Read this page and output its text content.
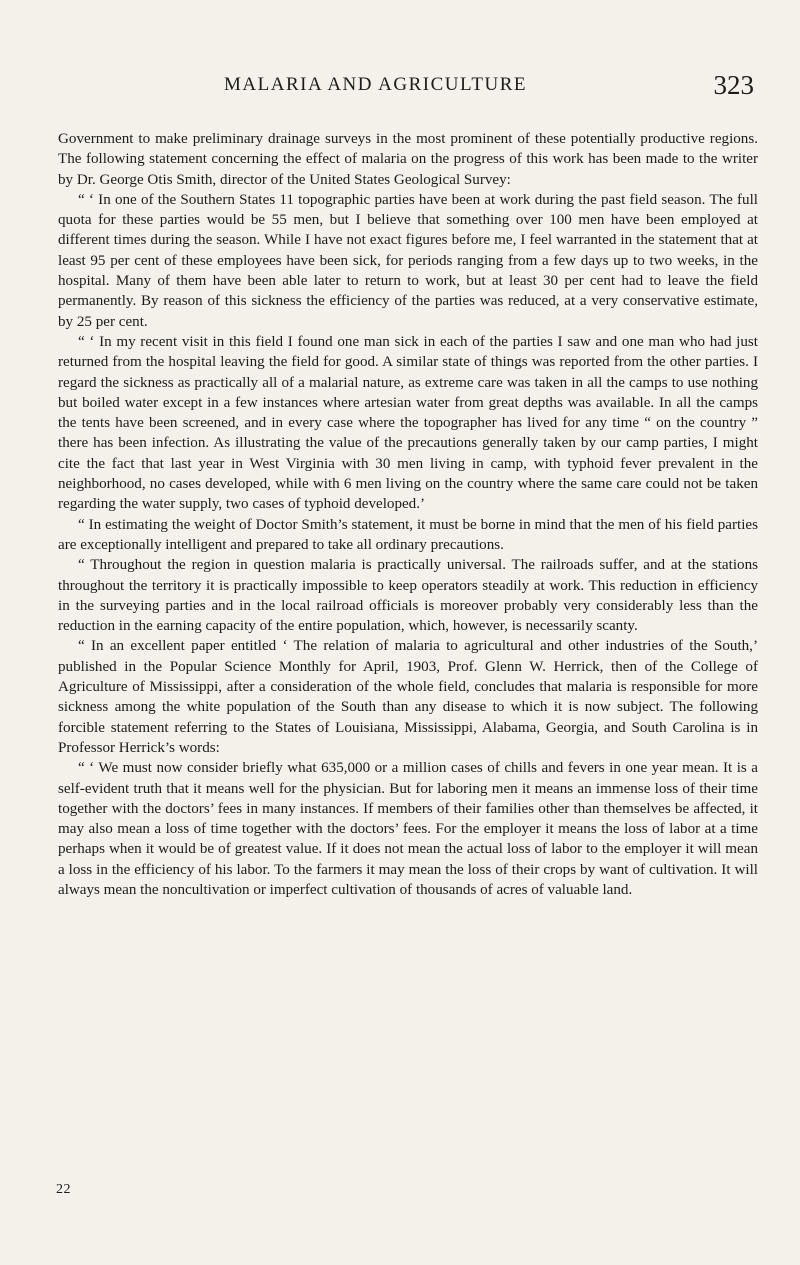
MALARIA AND AGRICULTURE	323

Government to make preliminary drainage surveys in the most prominent of these potentially productive regions. The following statement concerning the effect of malaria on the progress of this work has been made to the writer by Dr. George Otis Smith, director of the United States Geological Survey:

“ ‘ In one of the Southern States 11 topographic parties have been at work during the past field season. The full quota for these parties would be 55 men, but I believe that something over 100 men have been employed at different times during the season. While I have not exact figures before me, I feel warranted in the statement that at least 95 per cent of these employees have been sick, for periods ranging from a few days up to two weeks, in the hospital. Many of them have been able later to return to work, but at least 30 per cent had to leave the field permanently. By reason of this sickness the efficiency of the parties was reduced, at a very conservative estimate, by 25 per cent.

“ ‘ In my recent visit in this field I found one man sick in each of the parties I saw and one man who had just returned from the hospital leaving the field for good. A similar state of things was reported from the other parties. I regard the sickness as practically all of a malarial nature, as extreme care was taken in all the camps to use nothing but boiled water except in a few instances where artesian water from great depths was available. In all the camps the tents have been screened, and in every case where the topographer has lived for any time “ on the country ” there has been infection. As illustrating the value of the precautions generally taken by our camp parties, I might cite the fact that last year in West Virginia with 30 men living in camp, with typhoid fever prevalent in the neighborhood, no cases developed, while with 6 men living on the country where the same care could not be taken regarding the water supply, two cases of typhoid developed.’

“ In estimating the weight of Doctor Smith’s statement, it must be borne in mind that the men of his field parties are exceptionally intelligent and prepared to take all ordinary precautions.

“ Throughout the region in question malaria is practically universal. The railroads suffer, and at the stations throughout the territory it is practically impossible to keep operators steadily at work. This reduction in efficiency in the surveying parties and in the local railroad officials is moreover probably very considerably less than the reduction in the earning capacity of the entire population, which, however, is necessarily scanty.

“ In an excellent paper entitled ‘ The relation of malaria to agricultural and other industries of the South,’ published in the Popular Science Monthly for April, 1903, Prof. Glenn W. Herrick, then of the College of Agriculture of Mississippi, after a consideration of the whole field, concludes that malaria is responsible for more sickness among the white population of the South than any disease to which it is now subject. The following forcible statement referring to the States of Louisiana, Mississippi, Alabama, Georgia, and South Carolina is in Professor Herrick’s words:

“ ‘ We must now consider briefly what 635,000 or a million cases of chills and fevers in one year mean. It is a self-evident truth that it means well for the physician. But for laboring men it means an immense loss of their time together with the doctors’ fees in many instances. If members of their families other than themselves be affected, it may also mean a loss of time together with the doctors’ fees. For the employer it means the loss of labor at a time perhaps when it would be of greatest value. If it does not mean the actual loss of labor to the employer it will mean a loss in the efficiency of his labor. To the farmers it may mean the loss of their crops by want of cultivation. It will always mean the noncultivation or imperfect cultivation of thousands of acres of valuable land.

22
